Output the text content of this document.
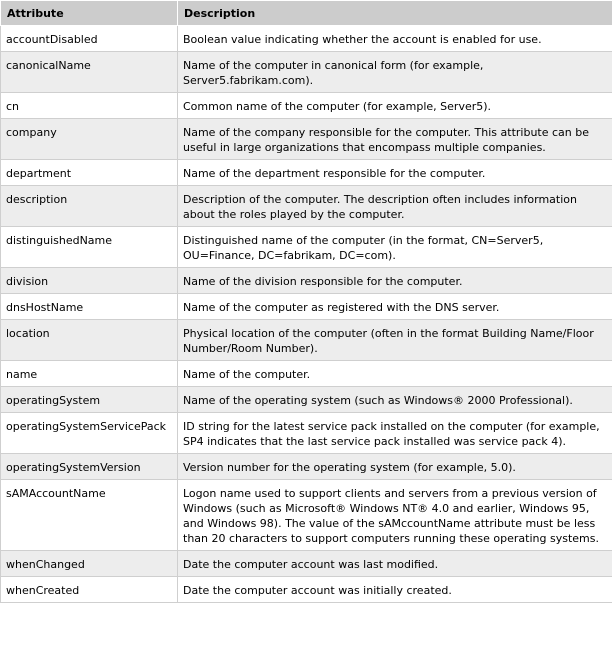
Attribute	Description
accountDisabled	Boolean value indicating whether the account is enabled for use.
canonicalName	Name of the computer in canonical form (for example, Server5.fabrikam.com).
cn	Common name of the computer (for example, Server5).
company	Name of the company responsible for the computer. This attribute can be useful in large organizations that encompass multiple companies.
department	Name of the department responsible for the computer.
description	Description of the computer. The description often includes information about the roles played by the computer.
distinguishedName	Distinguished name of the computer (in the format, CN=Server5, OU=Finance, DC=fabrikam, DC=com).
division	Name of the division responsible for the computer.
dnsHostName	Name of the computer as registered with the DNS server.
location	Physical location of the computer (often in the format Building Name/Floor Number/Room Number).
name	Name of the computer.
operatingSystem	Name of the operating system (such as Windows® 2000 Professional).
operatingSystemServicePack	ID string for the latest service pack installed on the computer (for example, SP4 indicates that the last service pack installed was service pack 4).
operatingSystemVersion	Version number for the operating system (for example, 5.0).
sAMAccountName	Logon name used to support clients and servers from a previous version of Windows (such as Microsoft® Windows NT® 4.0 and earlier, Windows 95, and Windows 98). The value of the sAMccountName attribute must be less than 20 characters to support computers running these operating systems.
whenChanged	Date the computer account was last modified.
whenCreated	Date the computer account was initially created.
